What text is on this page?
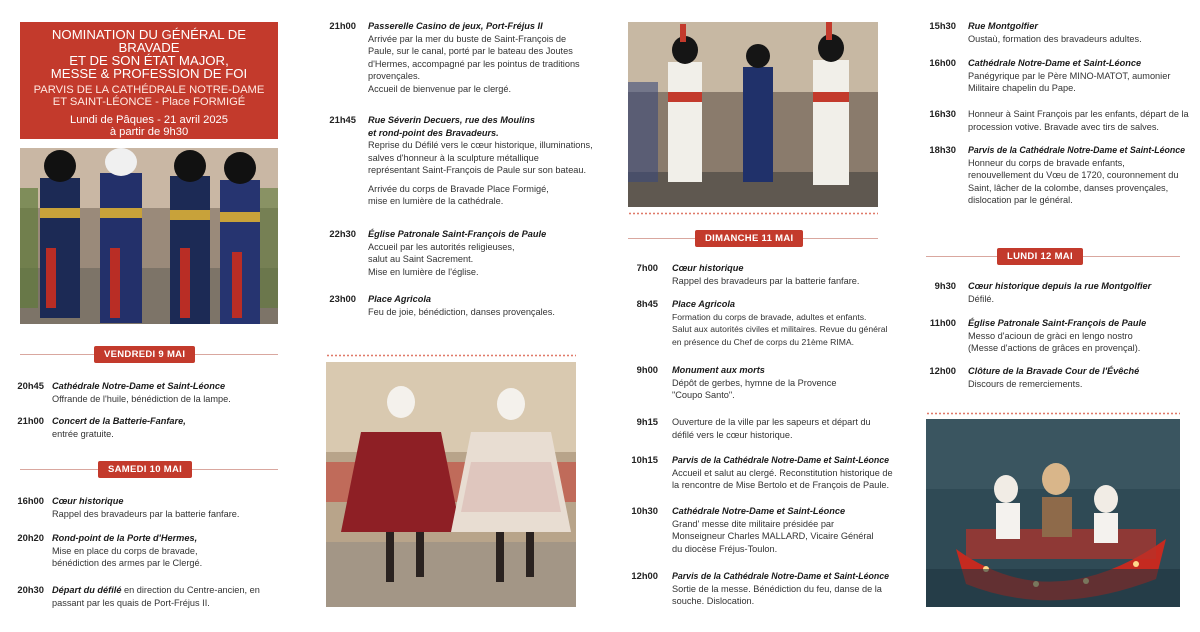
NOMINATION DU GÉNÉRAL DE BRAVADE
ET DE SON ÉTAT MAJOR,
MESSE & PROFESSION DE FOI
PARVIS DE LA CATHÉDRALE NOTRE-DAME
ET SAINT-LÉONCE - Place FORMIGÉ
Lundi de Pâques - 21 avril 2025
à partir de 9h30
VENDREDI 9 MAI
20h45 Cathédrale Notre-Dame et Saint-Léonce
Offrande de l'huile, bénédiction de la lampe.
21h00 Concert de la Batterie-Fanfare,
entrée gratuite.
SAMEDI 10 MAI
16h00 Cœur historique
Rappel des bravadeurs par la batterie fanfare.
20h20 Rond-point de la Porte d'Hermes,
Mise en place du corps de bravade,
bénédiction des armes par le Clergé.
20h30 Départ du défilé en direction du Centre-ancien, en
passant par les quais de Port-Fréjus II.
21h00 Passerelle Casino de jeux, Port-Fréjus II
Arrivée par la mer du buste de Saint-François de
Paule, sur le canal, porté par le bateau des Joutes
d'Hermes, accompagné par les pointus de traditions
provençales.
Accueil de bienvenue par le clergé.
21h45 Rue Séverin Decuers, rue des Moulins
et rond-point des Bravadeurs.
Reprise du Défilé vers le cœur historique, illuminations,
salves d'honneur à la sculpture métallique
représentant Saint-François de Paule sur son bateau.
Arrivée du corps de Bravade Place Formigé,
mise en lumière de la cathédrale.
22h30 Église Patronale Saint-François de Paule
Accueil par les autorités religieuses,
salut au Saint Sacrement.
Mise en lumière de l'église.
23h00 Place Agricola
Feu de joie, bénédiction, danses provençales.
DIMANCHE 11 MAI
7h00 Cœur historique
Rappel des bravadeurs par la batterie fanfare.
8h45 Place Agricola
Formation du corps de bravade, adultes et enfants.
Salut aux autorités civiles et militaires. Revue du général
en présence du Chef de corps du 21ème RIMA.
9h00 Monument aux morts
Dépôt de gerbes, hymne de la Provence
"Coupo Santo".
9h15 Ouverture de la ville par les sapeurs et départ du
défilé vers le cœur historique.
10h15 Parvis de la Cathédrale Notre-Dame et Saint-Léonce
Accueil et salut au clergé. Reconstitution historique de
la rencontre de Mise Bertolo et de François de Paule.
10h30 Cathédrale Notre-Dame et Saint-Léonce
Grand' messe dite militaire présidée par
Monseigneur Charles MALLARD, Vicaire Général
du diocèse Fréjus-Toulon.
12h00 Parvis de la Cathédrale Notre-Dame et Saint-Léonce
Sortie de la messe. Bénédiction du feu, danse de la
souche. Dislocation.
15h30 Rue Montgolfier
Oustaù, formation des bravadeurs adultes.
16h00 Cathédrale Notre-Dame et Saint-Léonce
Panégyrique par le Père MINO-MATOT, aumonier
Militaire chapelin du Pape.
16h30 Honneur à Saint François par les enfants, départ de la
procession votive. Bravade avec tirs de salves.
18h30 Parvis de la Cathédrale Notre-Dame et Saint-Léonce
Honneur du corps de bravade enfants,
renouvellement du Vœu de 1720, couronnement du
Saint, lâcher de la colombe, danses provençales,
dislocation par le général.
LUNDI 12 MAI
9h30 Cœur historique depuis la rue Montgolfier
Défilé.
11h00 Église Patronale Saint-François de Paule
Messo d'acioun de gràci en lengo nostro
(Messe d'actions de grâces en provençal).
12h00 Clôture de la Bravade Cour de l'Évêché
Discours de remerciements.
